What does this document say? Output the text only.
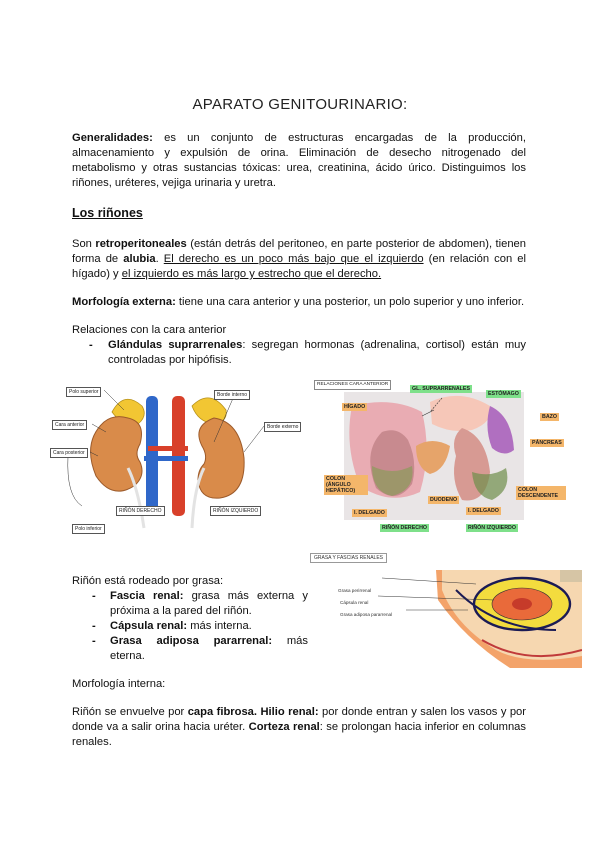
APARATO GENITOURINARIO:
Generalidades: es un conjunto de estructuras encargadas de la producción, almacenamiento y expulsión de orina. Eliminación de desecho nitrogenado del metabolismo y otras sustancias tóxicas: urea, creatinina, ácido úrico. Distinguimos los riñones, uréteres, vejiga urinaria y uretra.
Los riñones
Son retroperitoneales (están detrás del peritoneo, en parte posterior de abdomen), tienen forma de alubia. El derecho es un poco más bajo que el izquierdo (en relación con el hígado) y el izquierdo es más largo y estrecho que el derecho.
Morfología externa: tiene una cara anterior y una posterior, un polo superior y uno inferior.
Relaciones con la cara anterior
-	Glándulas suprarrenales: segregan hormonas (adrenalina, cortisol) están muy controladas por hipófisis.
Polo superior
Cara anterior
Cara posterior
Borde interno
Borde externo
Polo inferior
RIÑÓN DERECHO	RIÑÓN IZQUIERDO
RELACIONES CARA ANTERIOR
GL. SUPRARRENALES
HÍGADO
ESTÓMAGO
BAZO
PÁNCREAS
COLON (ÁNGULO HEPÁTICO)	COLON DESCENDENTE
DUODENO
I. DELGADO	I. DELGADO
RIÑÓN DERECHO	RIÑÓN IZQUIERDO
GRASA Y FASCIAS RENALES
Grasa perirrenal
Cápsula renal
Grasa adiposa pararrenal
Riñón está rodeado por grasa:
- Fascia renal: grasa más externa y próxima a la pared del riñón.
- Cápsula renal: más interna.
- Grasa adiposa pararrenal: más eterna.
Morfología interna:
Riñón se envuelve por capa fibrosa. Hilio renal: por donde entran y salen los vasos y por donde va a salir orina hacia uréter. Corteza renal: se prolongan hacia inferior en columnas renales.
